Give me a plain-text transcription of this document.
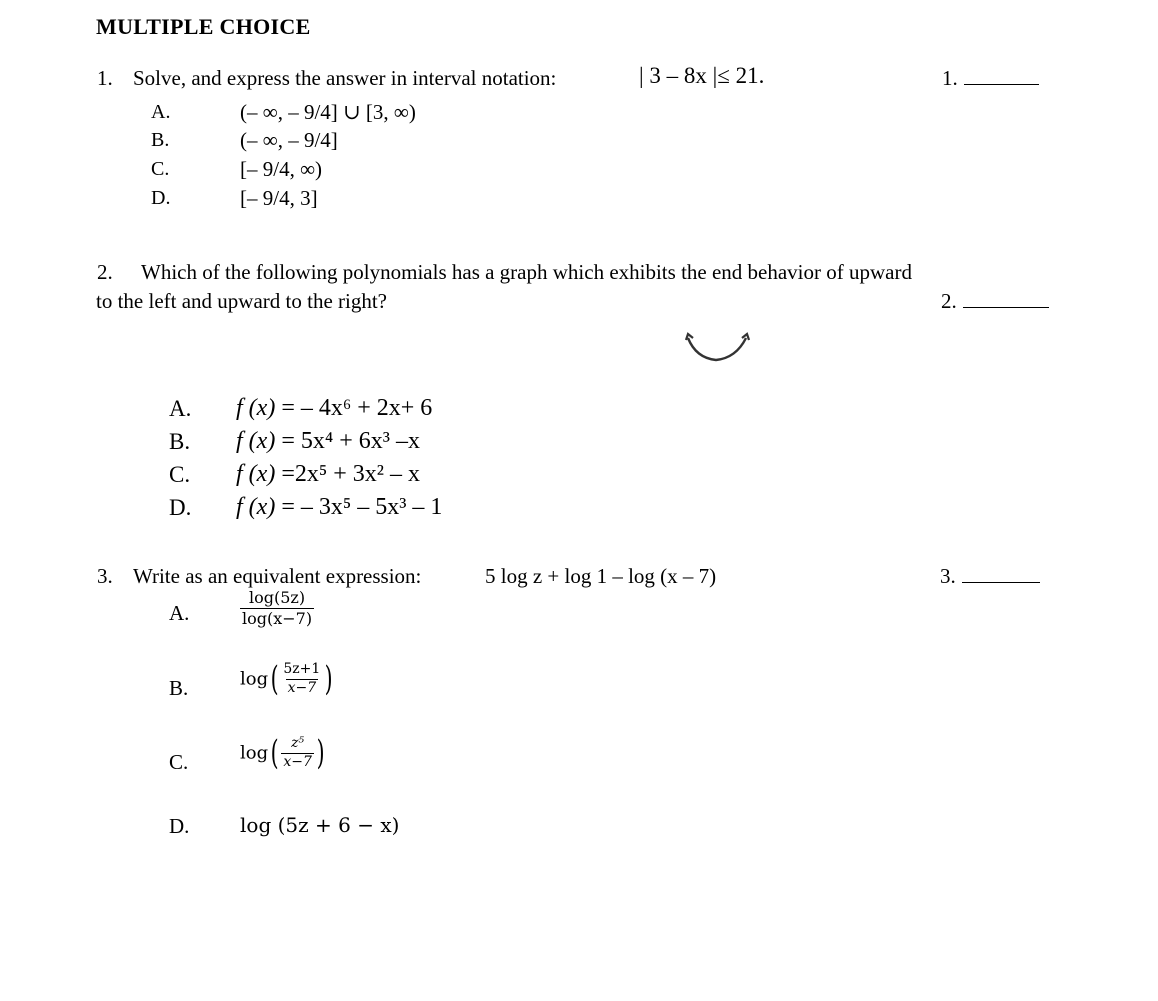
MULTIPLE CHOICE
1. Solve, and express the answer in interval notation:	| 3 – 8x |≤ 21.	1.
A.	(– ∞, – 9/4] ∪ [3, ∞)
B.	(– ∞, – 9/4]
C.	[– 9/4, ∞)
D.	[– 9/4, 3]
2. Which of the following polynomials has a graph which exhibits the end behavior of upward
to the left and upward to the right?	2.
A. f (x) = – 4x⁶ + 2x+ 6
B. f (x) = 5x⁴ + 6x³ –x
C. f (x) =2x⁵ + 3x² – x
D. f (x) = – 3x⁵ – 5x³ – 1
3. Write as an equivalent expression:	5 log z + log 1 – log (x – 7)	3.
A.	$\frac{\log(5z)}{\log(x-7)}$
B.	$\log( \frac{5z+1}{x-7}$ )
C.	$\log( \frac{\text{z⁵}}{x-7}$ )
D.	log (5z + 6 − x)
